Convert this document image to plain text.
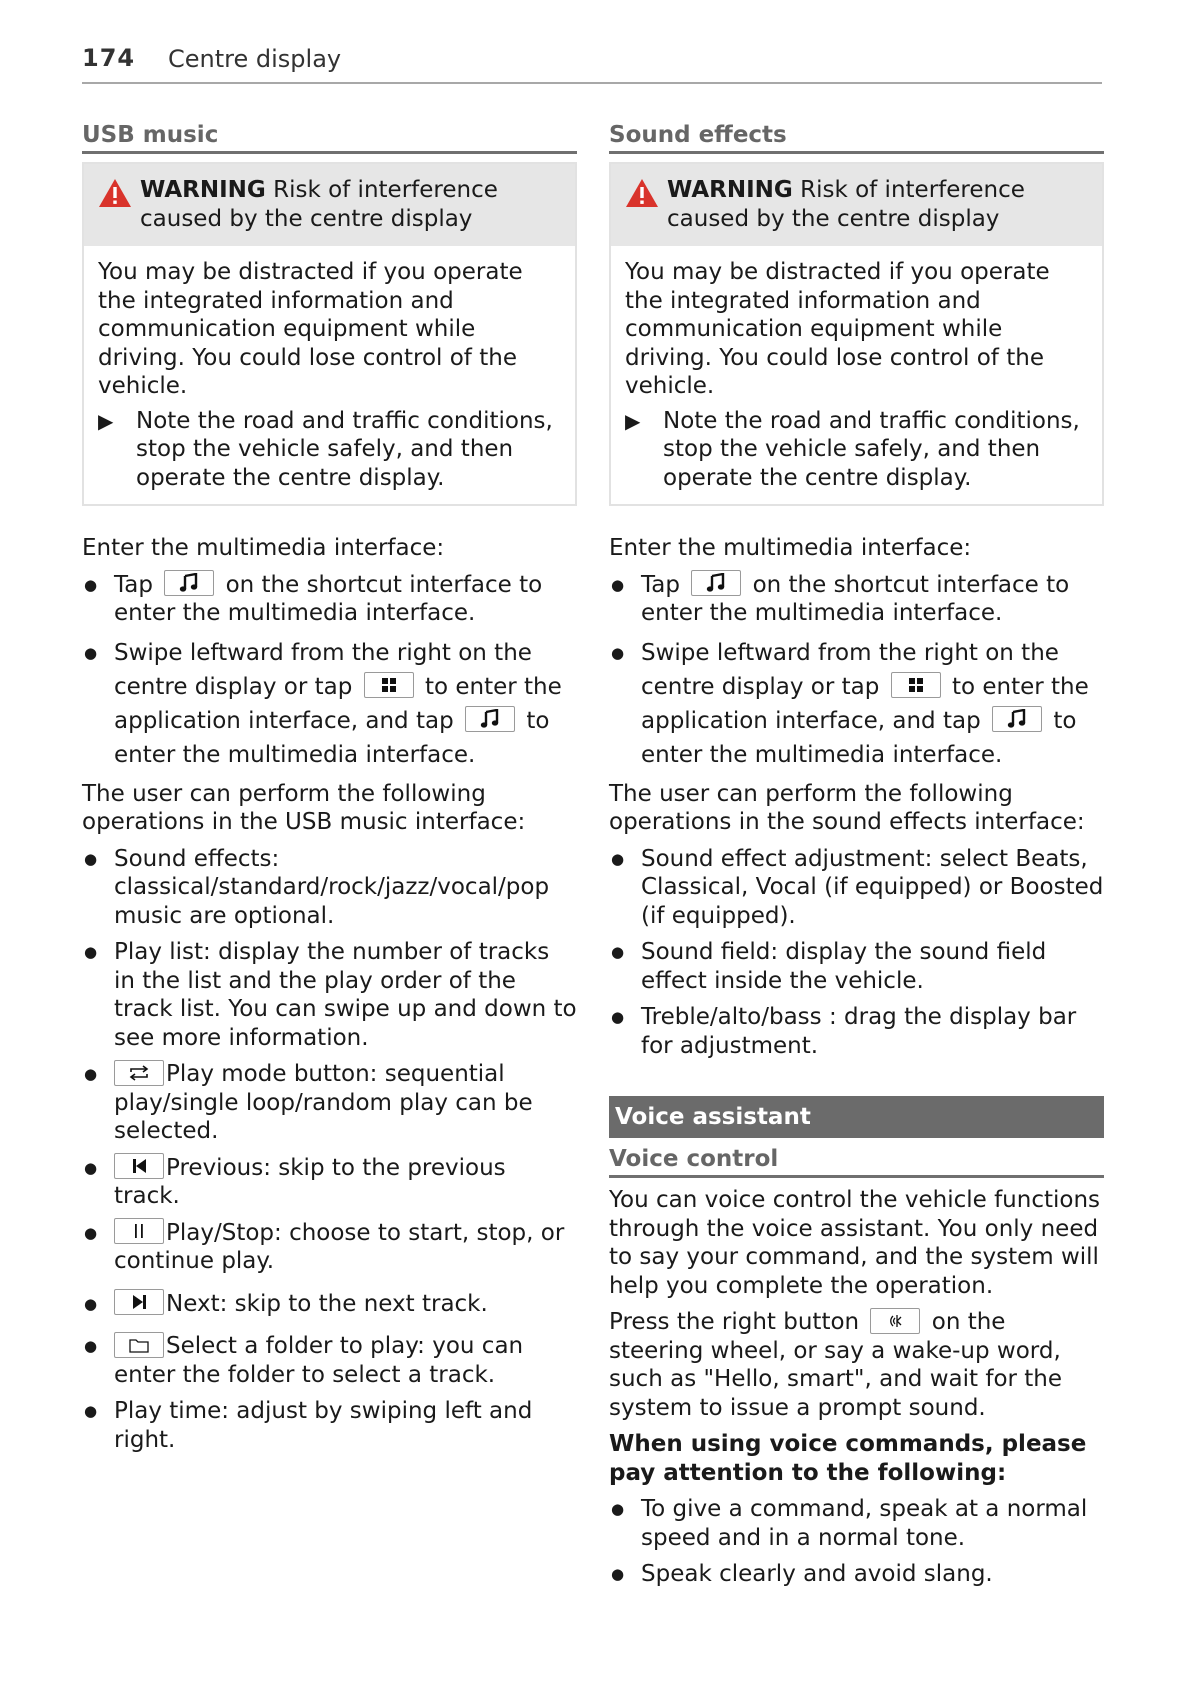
174 Centre display
USB music
WARNING Risk of interference caused by the centre display

You may be distracted if you operate the integrated information and communication equipment while driving. You could lose control of the vehicle.

▶ Note the road and traffic conditions, stop the vehicle safely, and then operate the centre display.

Enter the multimedia interface:

● Tap	on the shortcut interface to enter the multimedia interface.
● Swipe leftward from the right on the centre display or tap	to enter the application interface, and tap	to enter the multimedia interface.

The user can perform the following operations in the USB music interface:

● Sound effects: classical/standard/rock/jazz/vocal/pop music are optional.
● Play list: display the number of tracks in the list and the play order of the track list. You can swipe up and down to see more information.
● Play mode button: sequential play/single loop/random play can be selected.
● Previous: skip to the previous track.
● Play/Stop: choose to start, stop, or continue play.
● Next: skip to the next track.
● Select a folder to play: you can enter the folder to select a track.
● Play time: adjust by swiping left and right.
Sound effects
WARNING Risk of interference caused by the centre display

You may be distracted if you operate the integrated information and communication equipment while driving. You could lose control of the vehicle.

▶ Note the road and traffic conditions, stop the vehicle safely, and then operate the centre display.

Enter the multimedia interface:

● Tap	on the shortcut interface to enter the multimedia interface.
● Swipe leftward from the right on the centre display or tap	to enter the application interface, and tap	to enter the multimedia interface.

The user can perform the following operations in the sound effects interface:

● Sound effect adjustment: select Beats, Classical, Vocal (if equipped) or Boosted (if equipped).
● Sound field: display the sound field effect inside the vehicle.
● Treble/alto/bass : drag the display bar for adjustment.
Voice assistant
Voice control

You can voice control the vehicle functions through the voice assistant. You only need to say your command, and the system will help you complete the operation.

Press the right button	on the steering wheel, or say a wake-up word, such as "Hello, smart", and wait for the system to issue a prompt sound.

When using voice commands, please pay attention to the following:

● To give a command, speak at a normal speed and in a normal tone.
● Speak clearly and avoid slang.
